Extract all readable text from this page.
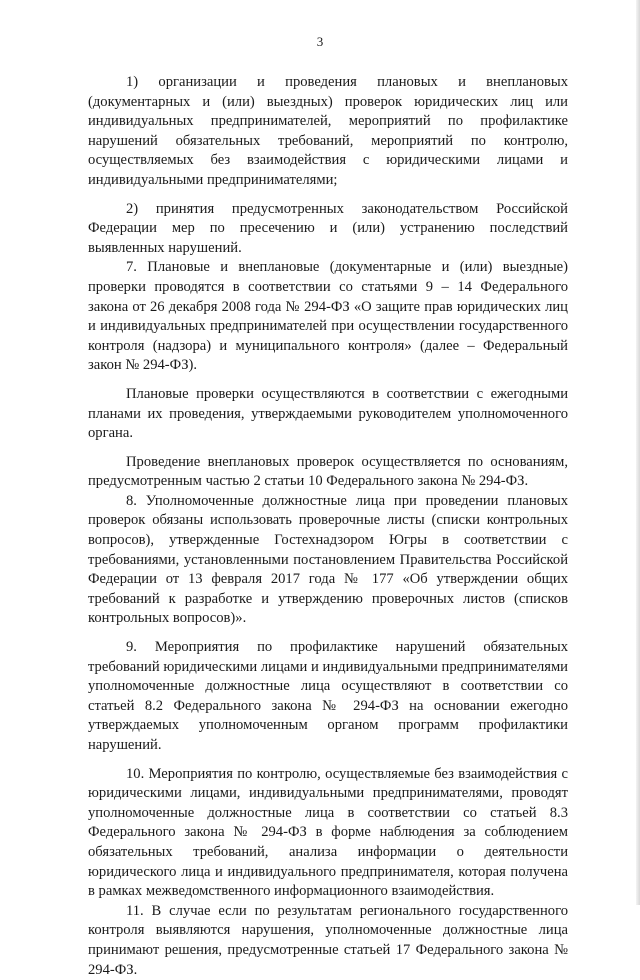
3

1) организации и проведения плановых и внеплановых (документарных и (или) выездных) проверок юридических лиц или индивидуальных предпринимателей, мероприятий по профилактике нарушений обязательных требований, мероприятий по контролю, осуществляемых без взаимодействия с юридическими лицами и индивидуальными предпринимателями;

2) принятия предусмотренных законодательством Российской Федерации мер по пресечению и (или) устранению последствий выявленных нарушений.

7. Плановые и внеплановые (документарные и (или) выездные) проверки проводятся в соответствии со статьями 9 – 14 Федерального закона от 26 декабря 2008 года № 294-ФЗ «О защите прав юридических лиц и индивидуальных предпринимателей при осуществлении государственного контроля (надзора) и муниципального контроля» (далее – Федеральный закон № 294-ФЗ).

Плановые проверки осуществляются в соответствии с ежегодными планами их проведения, утверждаемыми руководителем уполномоченного органа.

Проведение внеплановых проверок осуществляется по основаниям, предусмотренным частью 2 статьи 10 Федерального закона № 294-ФЗ.

8. Уполномоченные должностные лица при проведении плановых проверок обязаны использовать проверочные листы (списки контрольных вопросов), утвержденные Гостехнадзором Югры в соответствии с требованиями, установленными постановлением Правительства Российской Федерации от 13 февраля 2017 года № 177 «Об утверждении общих требований к разработке и утверждению проверочных листов (списков контрольных вопросов)».

9. Мероприятия по профилактике нарушений обязательных требований юридическими лицами и индивидуальными предпринимателями уполномоченные должностные лица осуществляют в соответствии со статьей 8.2 Федерального закона № 294-ФЗ на основании ежегодно утверждаемых уполномоченным органом программ профилактики нарушений.

10. Мероприятия по контролю, осуществляемые без взаимодействия с юридическими лицами, индивидуальными предпринимателями, проводят уполномоченные должностные лица в соответствии со статьей 8.3 Федерального закона № 294-ФЗ в форме наблюдения за соблюдением обязательных требований, анализа информации о деятельности юридического лица и индивидуального предпринимателя, которая получена в рамках межведомственного информационного взаимодействия.

11. В случае если по результатам регионального государственного контроля выявляются нарушения, уполномоченные должностные лица принимают решения, предусмотренные статьей 17 Федерального закона № 294-ФЗ.
